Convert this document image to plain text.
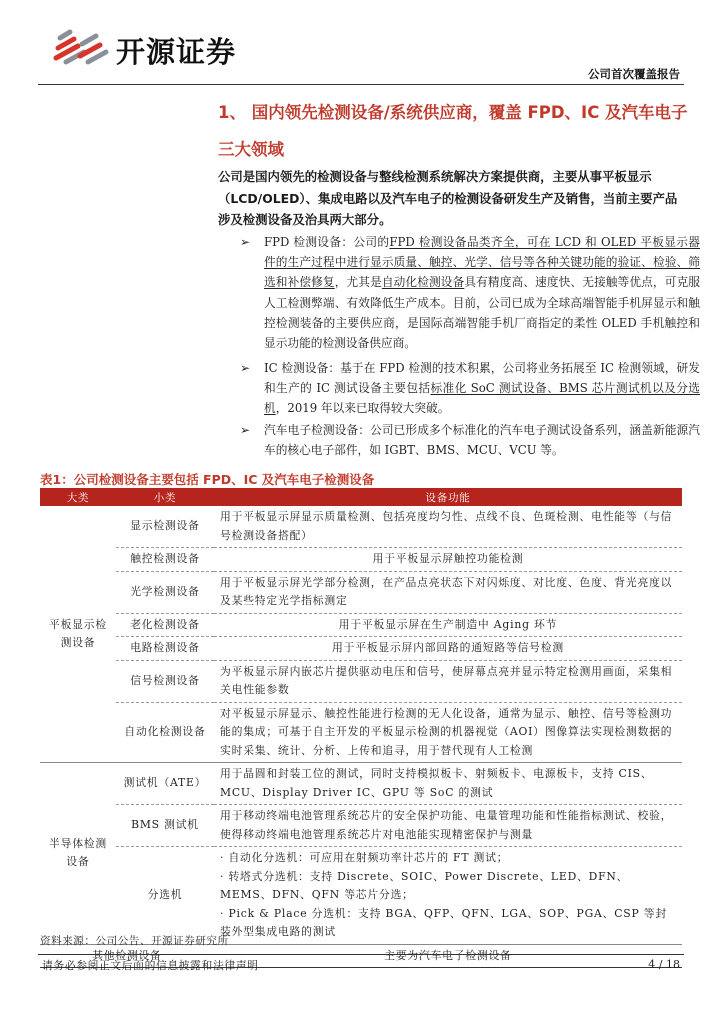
开源证券
公司首次覆盖报告
1、 国内领先检测设备/系统供应商，覆盖 FPD、IC 及汽车电子
三大领域
公司是国内领先的检测设备与整线检测系统解决方案提供商，主要从事平板显示（LCD/OLED）、集成电路以及汽车电子的检测设备研发生产及销售，当前主要产品涉及检测设备及治具两大部分。
➢ FPD 检测设备：公司的FPD 检测设备品类齐全，可在 LCD 和 OLED 平板显示器件的生产过程中进行显示质量、触控、光学、信号等各种关键功能的验证、检验、筛选和补偿修复，尤其是自动化检测设备具有精度高、速度快、无接触等优点，可克服人工检测弊端、有效降低生产成本。目前，公司已成为全球高端智能手机屏显示和触控检测装备的主要供应商，是国际高端智能手机厂商指定的柔性 OLED 手机触控和显示功能的检测设备供应商。
➢ IC 检测设备：基于在 FPD 检测的技术积累，公司将业务拓展至 IC 检测领域，研发和生产的 IC 测试设备主要包括标准化 SoC 测试设备、BMS 芯片测试机以及分选机，2019 年以来已取得较大突破。
➢ 汽车电子检测设备：公司已形成多个标准化的汽车电子测试设备系列，涵盖新能源汽车的核心电子部件，如 IGBT、BMS、MCU、VCU 等。
表1：公司检测设备主要包括 FPD、IC 及汽车电子检测设备
大类	小类	设备功能
平板显示检测设备	显示检测设备	用于平板显示屏显示质量检测、包括亮度均匀性、点线不良、色斑检测、电性能等（与信号检测设备搭配）
	触控检测设备	用于平板显示屏触控功能检测
	光学检测设备	用于平板显示屏光学部分检测，在产品点亮状态下对闪烁度、对比度、色度、背光亮度以及某些特定光学指标测定
	老化检测设备	用于平板显示屏在生产制造中 Aging 环节
	电路检测设备	用于平板显示屏内部回路的通短路等信号检测
	信号检测设备	为平板显示屏内嵌芯片提供驱动电压和信号，使屏幕点亮并显示特定检测用画面，采集相关电性能参数
	自动化检测设备	对平板显示屏显示、触控性能进行检测的无人化设备，通常为显示、触控、信号等检测功能的集成；可基于自主开发的平板显示检测的机器视觉（AOI）图像算法实现检测数据的实时采集、统计、分析、上传和追寻，用于替代现有人工检测
半导体检测设备	测试机（ATE）	用于晶圆和封装工位的测试，同时支持模拟板卡、射频板卡、电源板卡，支持 CIS、MCU、Display Driver IC、GPU 等 SoC 的测试
	BMS 测试机	用于移动终端电池管理系统芯片的安全保护功能、电量管理功能和性能指标测试、校验，使得移动终端电池管理系统芯片对电池能实现精密保护与测量
	分选机	· 自动化分选机：可应用在射频功率计芯片的 FT 测试；
· 转塔式分选机：支持 Discrete、SOIC、Power Discrete、LED、DFN、MEMS、DFN、QFN 等芯片分选；
· Pick & Place 分选机：支持 BGA、QFP、QFN、LGA、SOP、PGA、CSP 等封装外型集成电路的测试

其他检测设备		主要为汽车电子检测设备
资料来源：公司公告、开源证券研究所
请务必参阅正文后面的信息披露和法律声明	4 / 18
